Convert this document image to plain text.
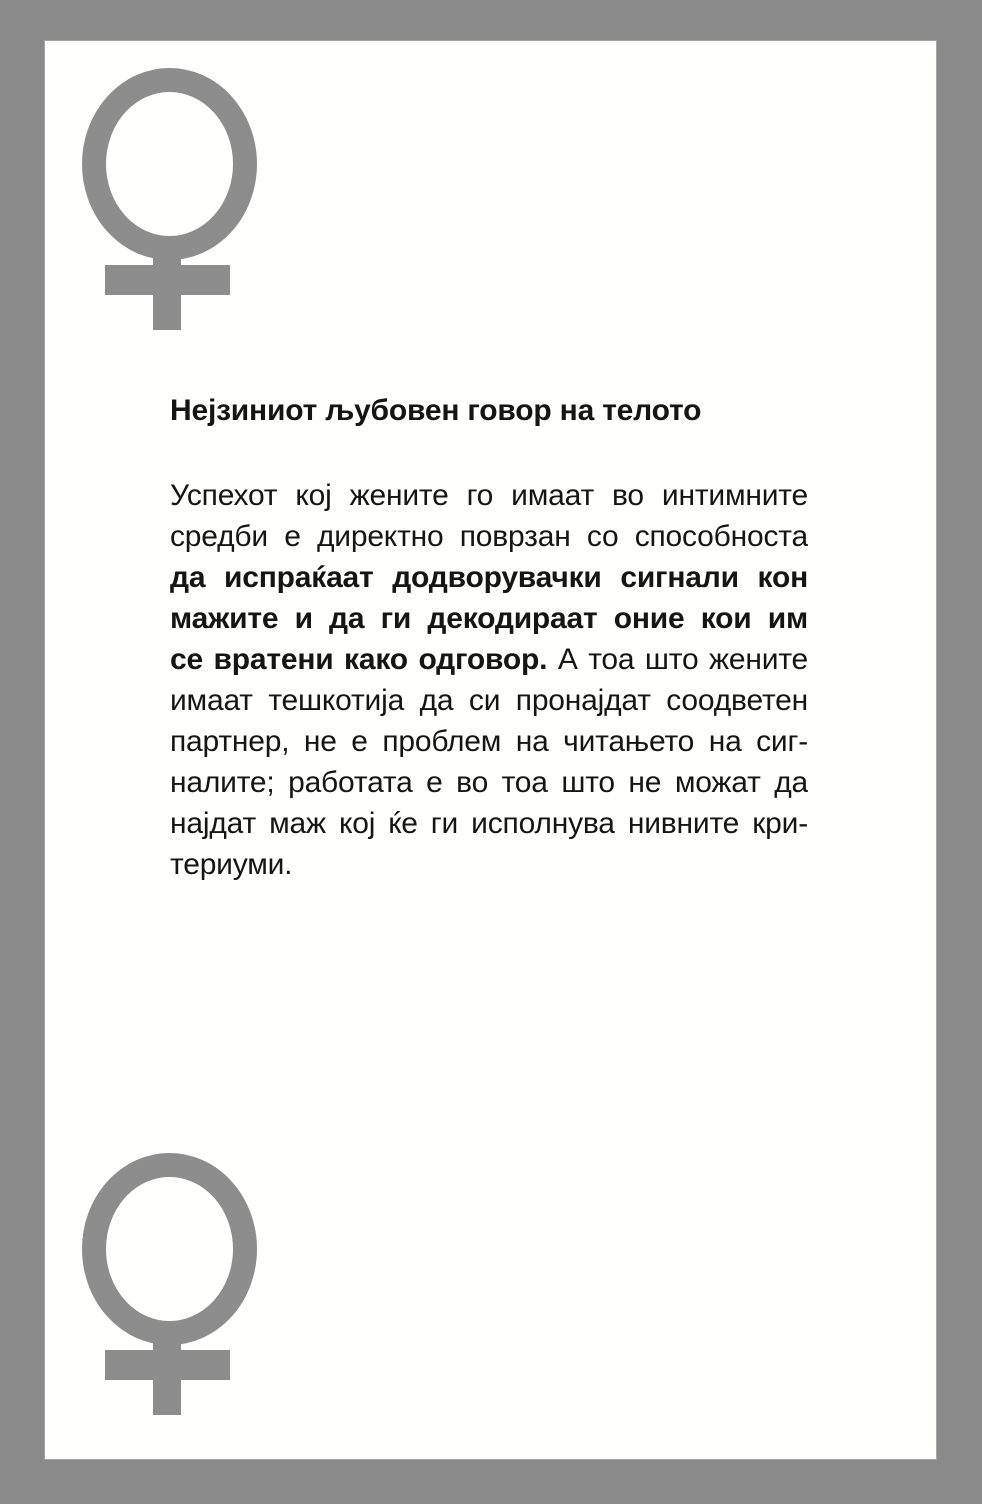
Нејзиниот љубовен говор на телото
Успехот кој жените го имаат во интимните
средби е директно поврзан со способноста
да испраќаат додворувачки сигнали кон
мажите и да ги декодираат оние кои им
се вратени како одговор. А тоа што жените
имаат тешкотија да си пронајдат соодветен
партнер, не е проблем на читањето на сиг-
налите; работата е во тоа што не можат да
најдат маж кој ќе ги исполнува нивните кри-
териуми.
